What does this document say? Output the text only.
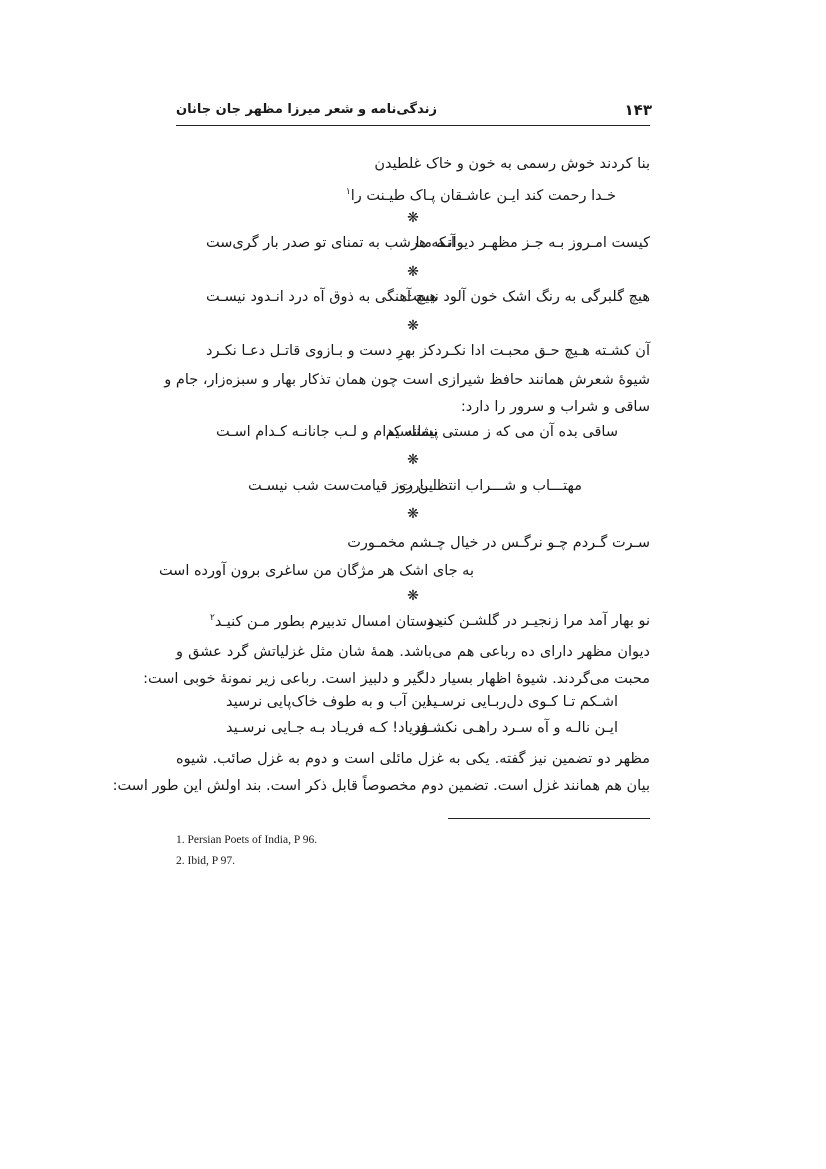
۱۴۳
زندگی‌نامه و شعر میرزا مظهر جان جانان
بنا کردند خوش رسمی به خون و خاک غلطیدن
خـدا رحمت کند ایـن عاشـقان پـاک طیـنت را$^۱$
❋
کیست امـروز بـه جـز مظهـر دیوانـه مـا
آنکه هرشب به تمنای تو صدر بار گری‌ست
❋
هیچ گلبرگی به رنگ اشک خون آلود نیست
هیچ آهنگی به ذوق آه درد انـدود نیسـت
❋
آن کشـته هـیچ حـق محبـت ادا نکـرد
کز بهرِ دست و بـازوی قاتـل دعـا نکـرد
شیوهٔ شعرش همانند حافظ شیرازی است چون همان تذکار بهار و سبزه‌زار، جام و
ساقی و شراب و سرور را دارد:
ساقی بده آن می که ز مستی نشناسیم
پیمانه کدام و لـب جانانـه کـدام اسـت
❋
مهتـــاب و شـــراب انتظـــارت
این روز قیامت‌ست شب نیسـت
❋
سـرت گـردم چـو نرگـس در خیال چـشم مخمـورت
به جای اشک هر مژگان من ساغری برون آورده است
❋
نو بهار آمد مرا زنجیـر در گلشـن کنیـد
دوستان امسال تدبیرم بطور مـن کنیـد$^۲$
دیوان مظهر دارای ده رباعی هم می‌باشد. همهٔ شان مثل غزلیاتش گرد عشق و
محبت می‌گردند. شیوهٔ اظهار بسیار دلگیر و دلبیز است. رباعی زیر نمونهٔ خوبی است:
اشـکم تـا کـوی دل‌ربـایی نرسـید
این آب و به طوف خاک‌پایی نرسید
ایـن نالـه و آه سـرد راهـی نکشـود
فریاد! کـه فریـاد بـه جـایی نرسـید
مظهر دو تضمین نیز گفته. یکی به غزل مائلی است و دوم به غزل صائب. شیوه
بیان هم همانند غزل است. تضمین دوم مخصوصاً قابل ذکر است. بند اولش این طور است:
1. Persian Poets of India, P 96.
2. Ibid, P 97.
